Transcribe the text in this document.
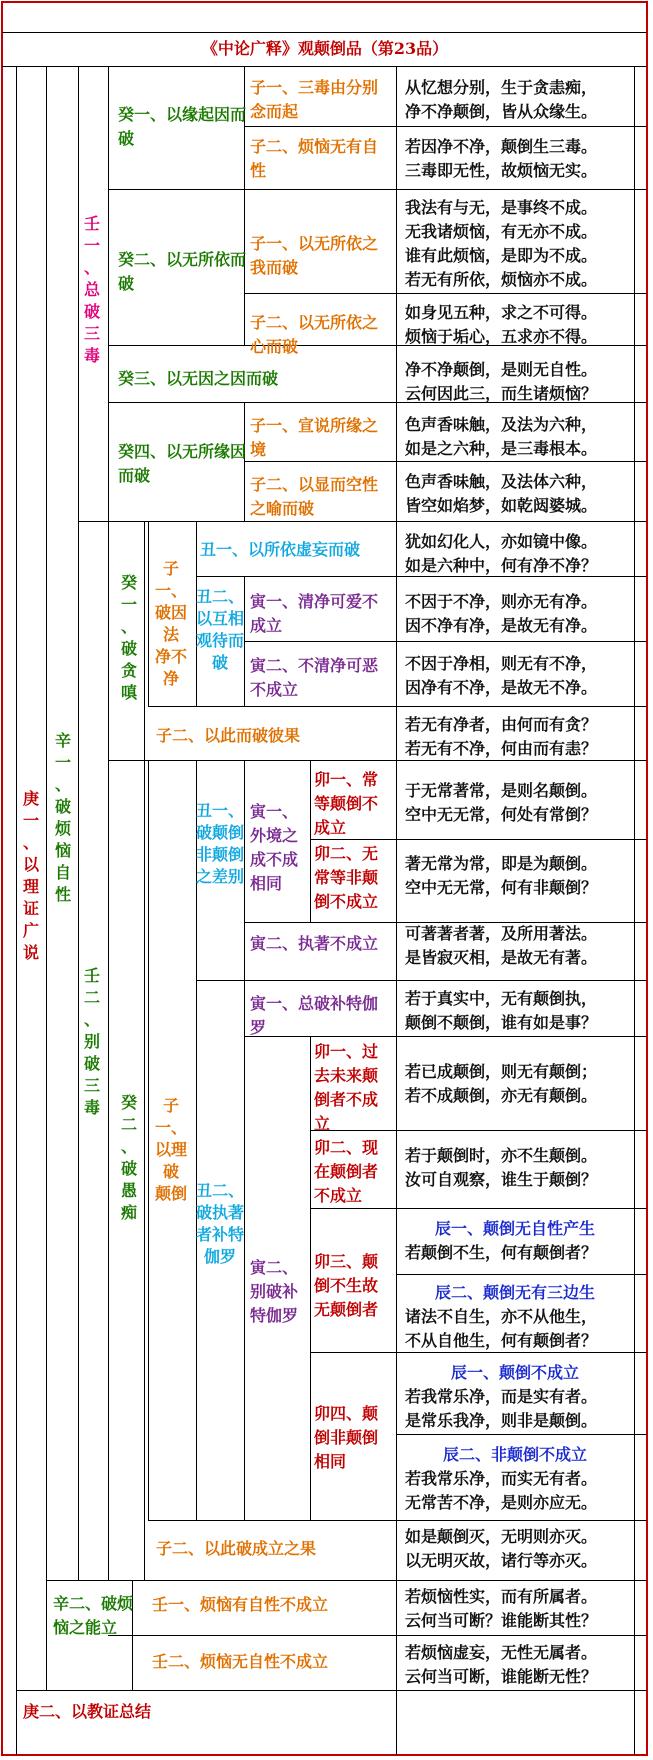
《中论广释》观颠倒品（第23品）
庚
一
、
以
理
证
广
说
庚二、以教证总结
辛
一
、
破
烦
恼
自
性
辛二、破烦恼之能立
壬
一
、
总
破
三
毒
壬
二
、
别
破
三
毒
癸一、以缘起因而破
癸二、以无所依而破
癸三、以无因之因而破
癸四、以无所缘因而破
癸
一
、
破
贪
嗔
癸
二
、
破
愚
痴
子一、三毒由分别念而起
子二、烦恼无有自性
子一、以无所依之我而破
子二、以无所依之心而破
子一、宣说所缘之境
子二、以显而空性之喻而破
子一、
破因法
净不净
子二、以此而破彼果
子一、
以理破
颠倒
子二、以此破成立之果
壬一、烦恼有自性不成立
壬二、烦恼无自性不成立
丑一、以所依虚妄而破
丑二、
以互相
观待而
破
丑一、
破颠倒
非颠倒
之差别
丑二、
破执著
者补特
伽罗
寅一、清净可爱不成立
寅二、不清净可恶不成立
寅一、外境之成不成相同
寅二、执著不成立
寅一、总破补特伽罗
寅二、别破补特伽罗
卯一、常等颠倒不成立
卯二、无常等非颠倒不成立
卯一、过去未来颠倒者不成立
卯二、现在颠倒者不成立
卯三、颠倒不生故无颠倒者
卯四、颠倒非颠倒相同
从忆想分别，生于贪恚痴，
净不净颠倒，皆从众缘生。
若因净不净，颠倒生三毒。
三毒即无性，故烦恼无实。
我法有与无，是事终不成。
无我诸烦恼，有无亦不成。
谁有此烦恼，是即为不成。
若无有所依，烦恼亦不成。
如身见五种，求之不可得。
烦恼于垢心，五求亦不得。
净不净颠倒，是则无自性。
云何因此三，而生诸烦恼？
色声香味触，及法为六种，
如是之六种，是三毒根本。
色声香味触，及法体六种，
皆空如焰梦，如乾闼婆城。
犹如幻化人，亦如镜中像。
如是六种中，何有净不净？
不因于不净，则亦无有净。
因不净有净，是故无有净。
不因于净相，则无有不净，
因净有不净，是故无不净。
若无有净者，由何而有贪？
若无有不净，何由而有恚？
于无常著常，是则名颠倒。
空中无无常，何处有常倒？
著无常为常，即是为颠倒。
空中无无常，何有非颠倒？
可著著者著，及所用著法。
是皆寂灭相，是故无有著。
若于真实中，无有颠倒执，
颠倒不颠倒，谁有如是事？
若已成颠倒，则无有颠倒；
若不成颠倒，亦无有颠倒。
若于颠倒时，亦不生颠倒。
汝可自观察，谁生于颠倒？
辰一、颠倒无自性产生
若颠倒不生，何有颠倒者？
辰二、颠倒无有三边生
诸法不自生，亦不从他生，
不从自他生，何有颠倒者？
辰一、颠倒不成立
若我常乐净，而是实有者。
是常乐我净，则非是颠倒。
辰二、非颠倒不成立
若我常乐净，而实无有者。
无常苦不净，是则亦应无。
如是颠倒灭，无明则亦灭。
以无明灭故，诸行等亦灭。
若烦恼性实，而有所属者。
云何当可断？谁能断其性？
若烦恼虚妄，无性无属者。
云何当可断，谁能断无性？
